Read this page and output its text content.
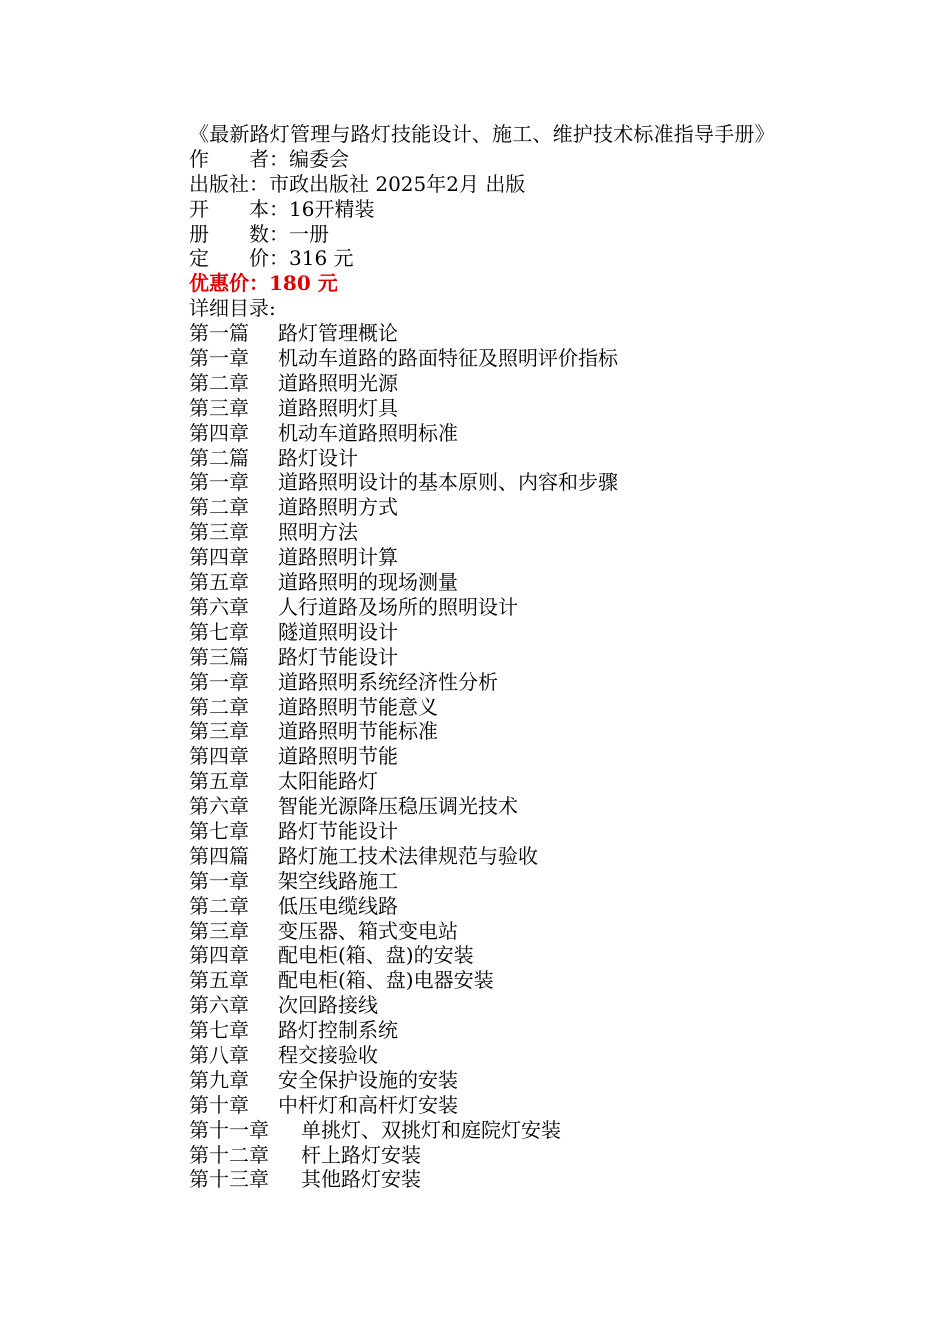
《最新路灯管理与路灯技能设计、施工、维护技术标准指导手册》
作　　者：编委会
出版社：市政出版社 2025年2月 出版
开　　本：16开精装
册　　数：一册
定　　价：316 元
优惠价：180 元
详细目录:
第一篇 路灯管理概论
第一章 机动车道路的路面特征及照明评价指标
第二章 道路照明光源
第三章 道路照明灯具
第四章 机动车道路照明标准
第二篇 路灯设计
第一章 道路照明设计的基本原则、内容和步骤
第二章 道路照明方式
第三章 照明方法
第四章 道路照明计算
第五章 道路照明的现场测量
第六章 人行道路及场所的照明设计
第七章 隧道照明设计
第三篇 路灯节能设计
第一章 道路照明系统经济性分析
第二章 道路照明节能意义
第三章 道路照明节能标准
第四章 道路照明节能
第五章 太阳能路灯
第六章 智能光源降压稳压调光技术
第七章 路灯节能设计
第四篇 路灯施工技术法律规范与验收
第一章 架空线路施工
第二章 低压电缆线路
第三章 变压器、箱式变电站
第四章 配电柜(箱、盘)的安装
第五章 配电柜(箱、盘)电器安装
第六章 次回路接线
第七章 路灯控制系统
第八章 程交接验收
第九章 安全保护设施的安装
第十章 中杆灯和高杆灯安装
第十一章 单挑灯、双挑灯和庭院灯安装
第十二章 杆上路灯安装
第十三章 其他路灯安装
